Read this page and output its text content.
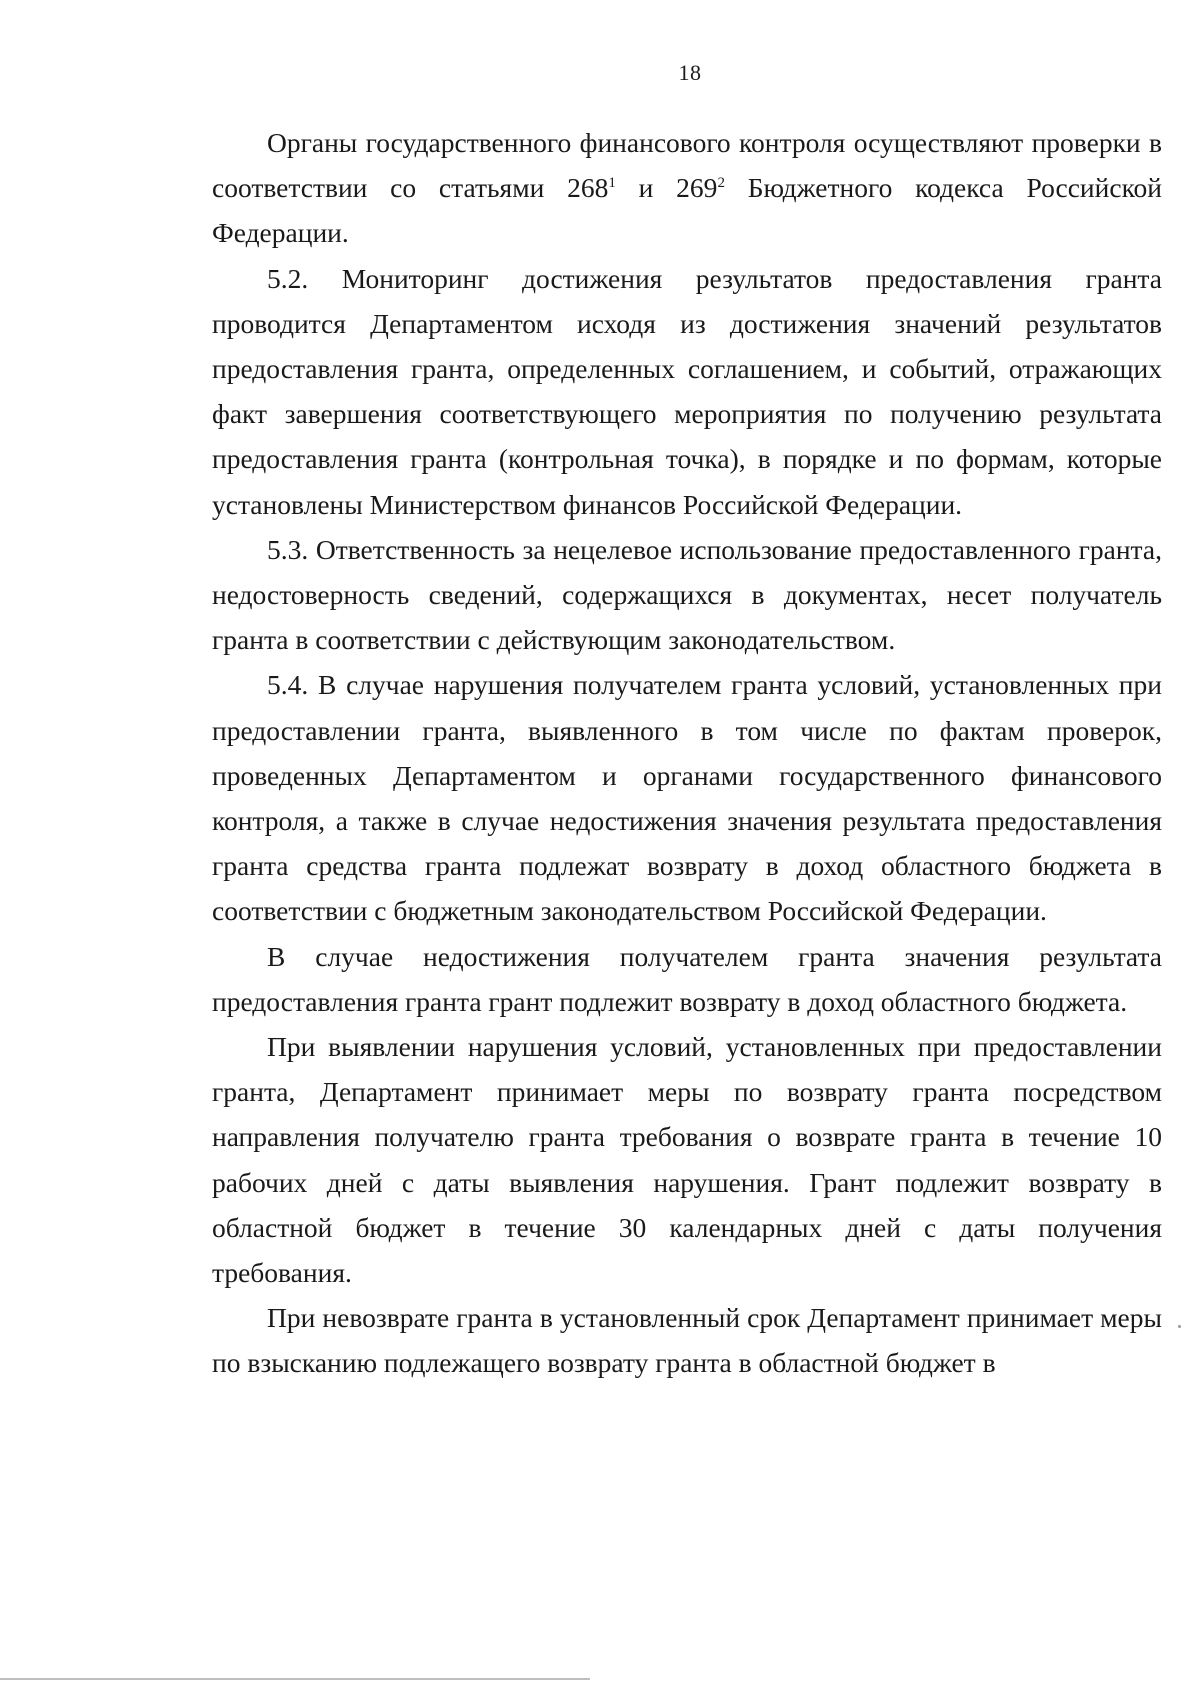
18

Органы государственного финансового контроля осуществляют проверки в соответствии со статьями $268^1$ и $269^2$ Бюджетного кодекса Российской Федерации.

5.2. Мониторинг достижения результатов предоставления гранта проводится Департаментом исходя из достижения значений результатов предоставления гранта, определенных соглашением, и событий, отражающих факт завершения соответствующего мероприятия по получению результата предоставления гранта (контрольная точка), в порядке и по формам, которые установлены Министерством финансов Российской Федерации.

5.3. Ответственность за нецелевое использование предоставленного гранта, недостоверность сведений, содержащихся в документах, несет получатель гранта в соответствии с действующим законодательством.

5.4. В случае нарушения получателем гранта условий, установленных при предоставлении гранта, выявленного в том числе по фактам проверок, проведенных Департаментом и органами государственного финансового контроля, а также в случае недостижения значения результата предоставления гранта средства гранта подлежат возврату в доход областного бюджета в соответствии с бюджетным законодательством Российской Федерации.

В случае недостижения получателем гранта значения результата предоставления гранта грант подлежит возврату в доход областного бюджета.

При выявлении нарушения условий, установленных при предоставлении гранта, Департамент принимает меры по возврату гранта посредством направления получателю гранта требования о возврате гранта в течение 10 рабочих дней с даты выявления нарушения. Грант подлежит возврату в областной бюджет в течение 30 календарных дней с даты получения требования.

При невозврате гранта в установленный срок Департамент принимает меры по взысканию подлежащего возврату гранта в областной бюджет в
